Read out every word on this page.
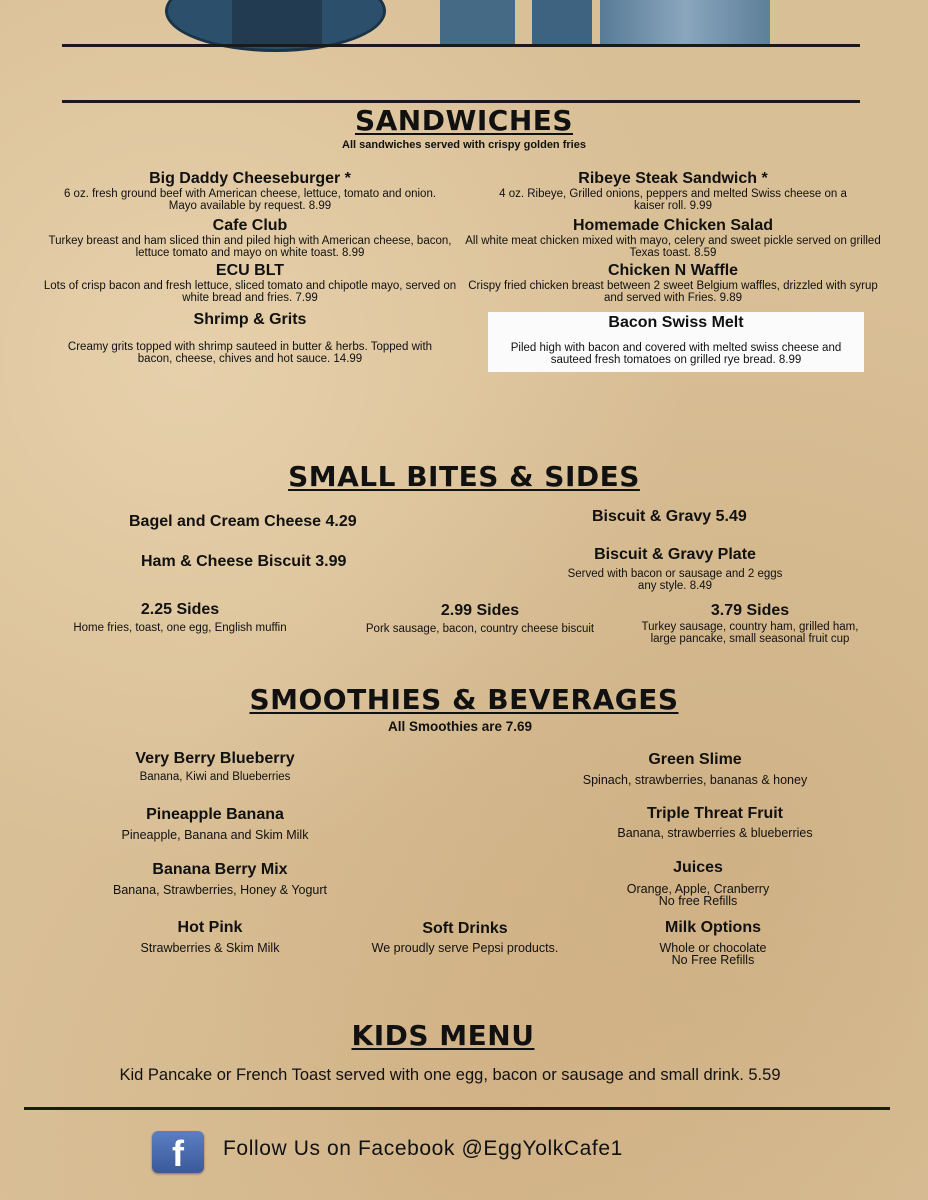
SANDWICHES
All sandwiches served with crispy golden fries
Big Daddy Cheeseburger *
6 oz. fresh ground beef with American cheese, lettuce, tomato and onion. Mayo available by request. 8.99
Cafe Club
Turkey breast and ham sliced thin and piled high with American cheese, bacon, lettuce tomato and mayo on white toast. 8.99
ECU BLT
Lots of crisp bacon and fresh lettuce, sliced tomato and chipotle mayo, served on white bread and fries. 7.99
Shrimp & Grits
Creamy grits topped with shrimp sauteed in butter & herbs. Topped with bacon, cheese, chives and hot sauce. 14.99
Ribeye Steak Sandwich *
4 oz. Ribeye, Grilled onions, peppers and melted Swiss cheese on a kaiser roll. 9.99
Homemade Chicken Salad
All white meat chicken mixed with mayo, celery and sweet pickle served on grilled Texas toast. 8.59
Chicken N Waffle
Crispy fried chicken breast between 2 sweet Belgium waffles, drizzled with syrup and served with Fries. 9.89
Bacon Swiss Melt
Piled high with bacon and covered with melted swiss cheese and sauteed fresh tomatoes on grilled rye bread. 8.99
SMALL BITES & SIDES
Bagel and Cream Cheese 4.29
Ham & Cheese Biscuit 3.99
Biscuit & Gravy 5.49
Biscuit & Gravy Plate
Served with bacon or sausage and 2 eggs any style. 8.49
2.25 Sides
Home fries, toast, one egg, English muffin
2.99 Sides
Pork sausage, bacon, country cheese biscuit
3.79 Sides
Turkey sausage, country ham, grilled ham, large pancake, small seasonal fruit cup
SMOOTHIES & BEVERAGES
All Smoothies are 7.69
Very Berry Blueberry
Banana, Kiwi and Blueberries
Green Slime
Spinach, strawberries, bananas & honey
Pineapple Banana
Pineapple, Banana and Skim Milk
Triple Threat Fruit
Banana, strawberries & blueberries
Banana Berry Mix
Banana, Strawberries, Honey & Yogurt
Juices
Orange, Apple, Cranberry
No free Refills
Hot Pink
Strawberries & Skim Milk
Soft Drinks
We proudly serve Pepsi products.
Milk Options
Whole or chocolate
No Free Refills
KIDS MENU
Kid Pancake or French Toast served with one egg, bacon or sausage and small drink. 5.59
f	Follow Us on Facebook @EggYolkCafe1
